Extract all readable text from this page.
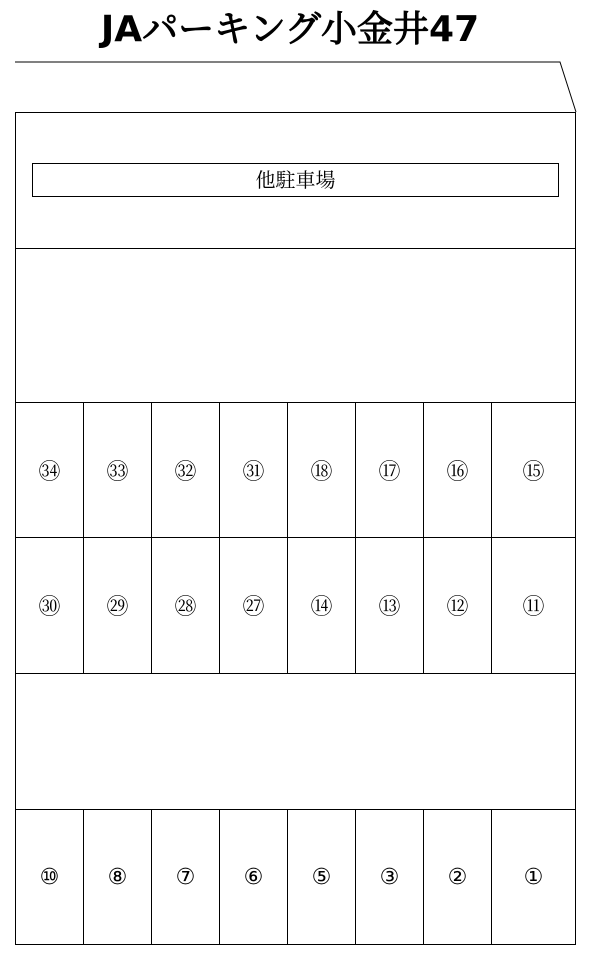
JAパーキング小金井47
他駐車場
㉞ ㉝ ㉜ ㉛ ⑱ ⑰ ⑯ ⑮
㉚ ㉙ ㉘ ㉗ ⑭ ⑬ ⑫ ⑪
⑩ ⑧ ⑦ ⑥ ⑤ ③ ②	①
